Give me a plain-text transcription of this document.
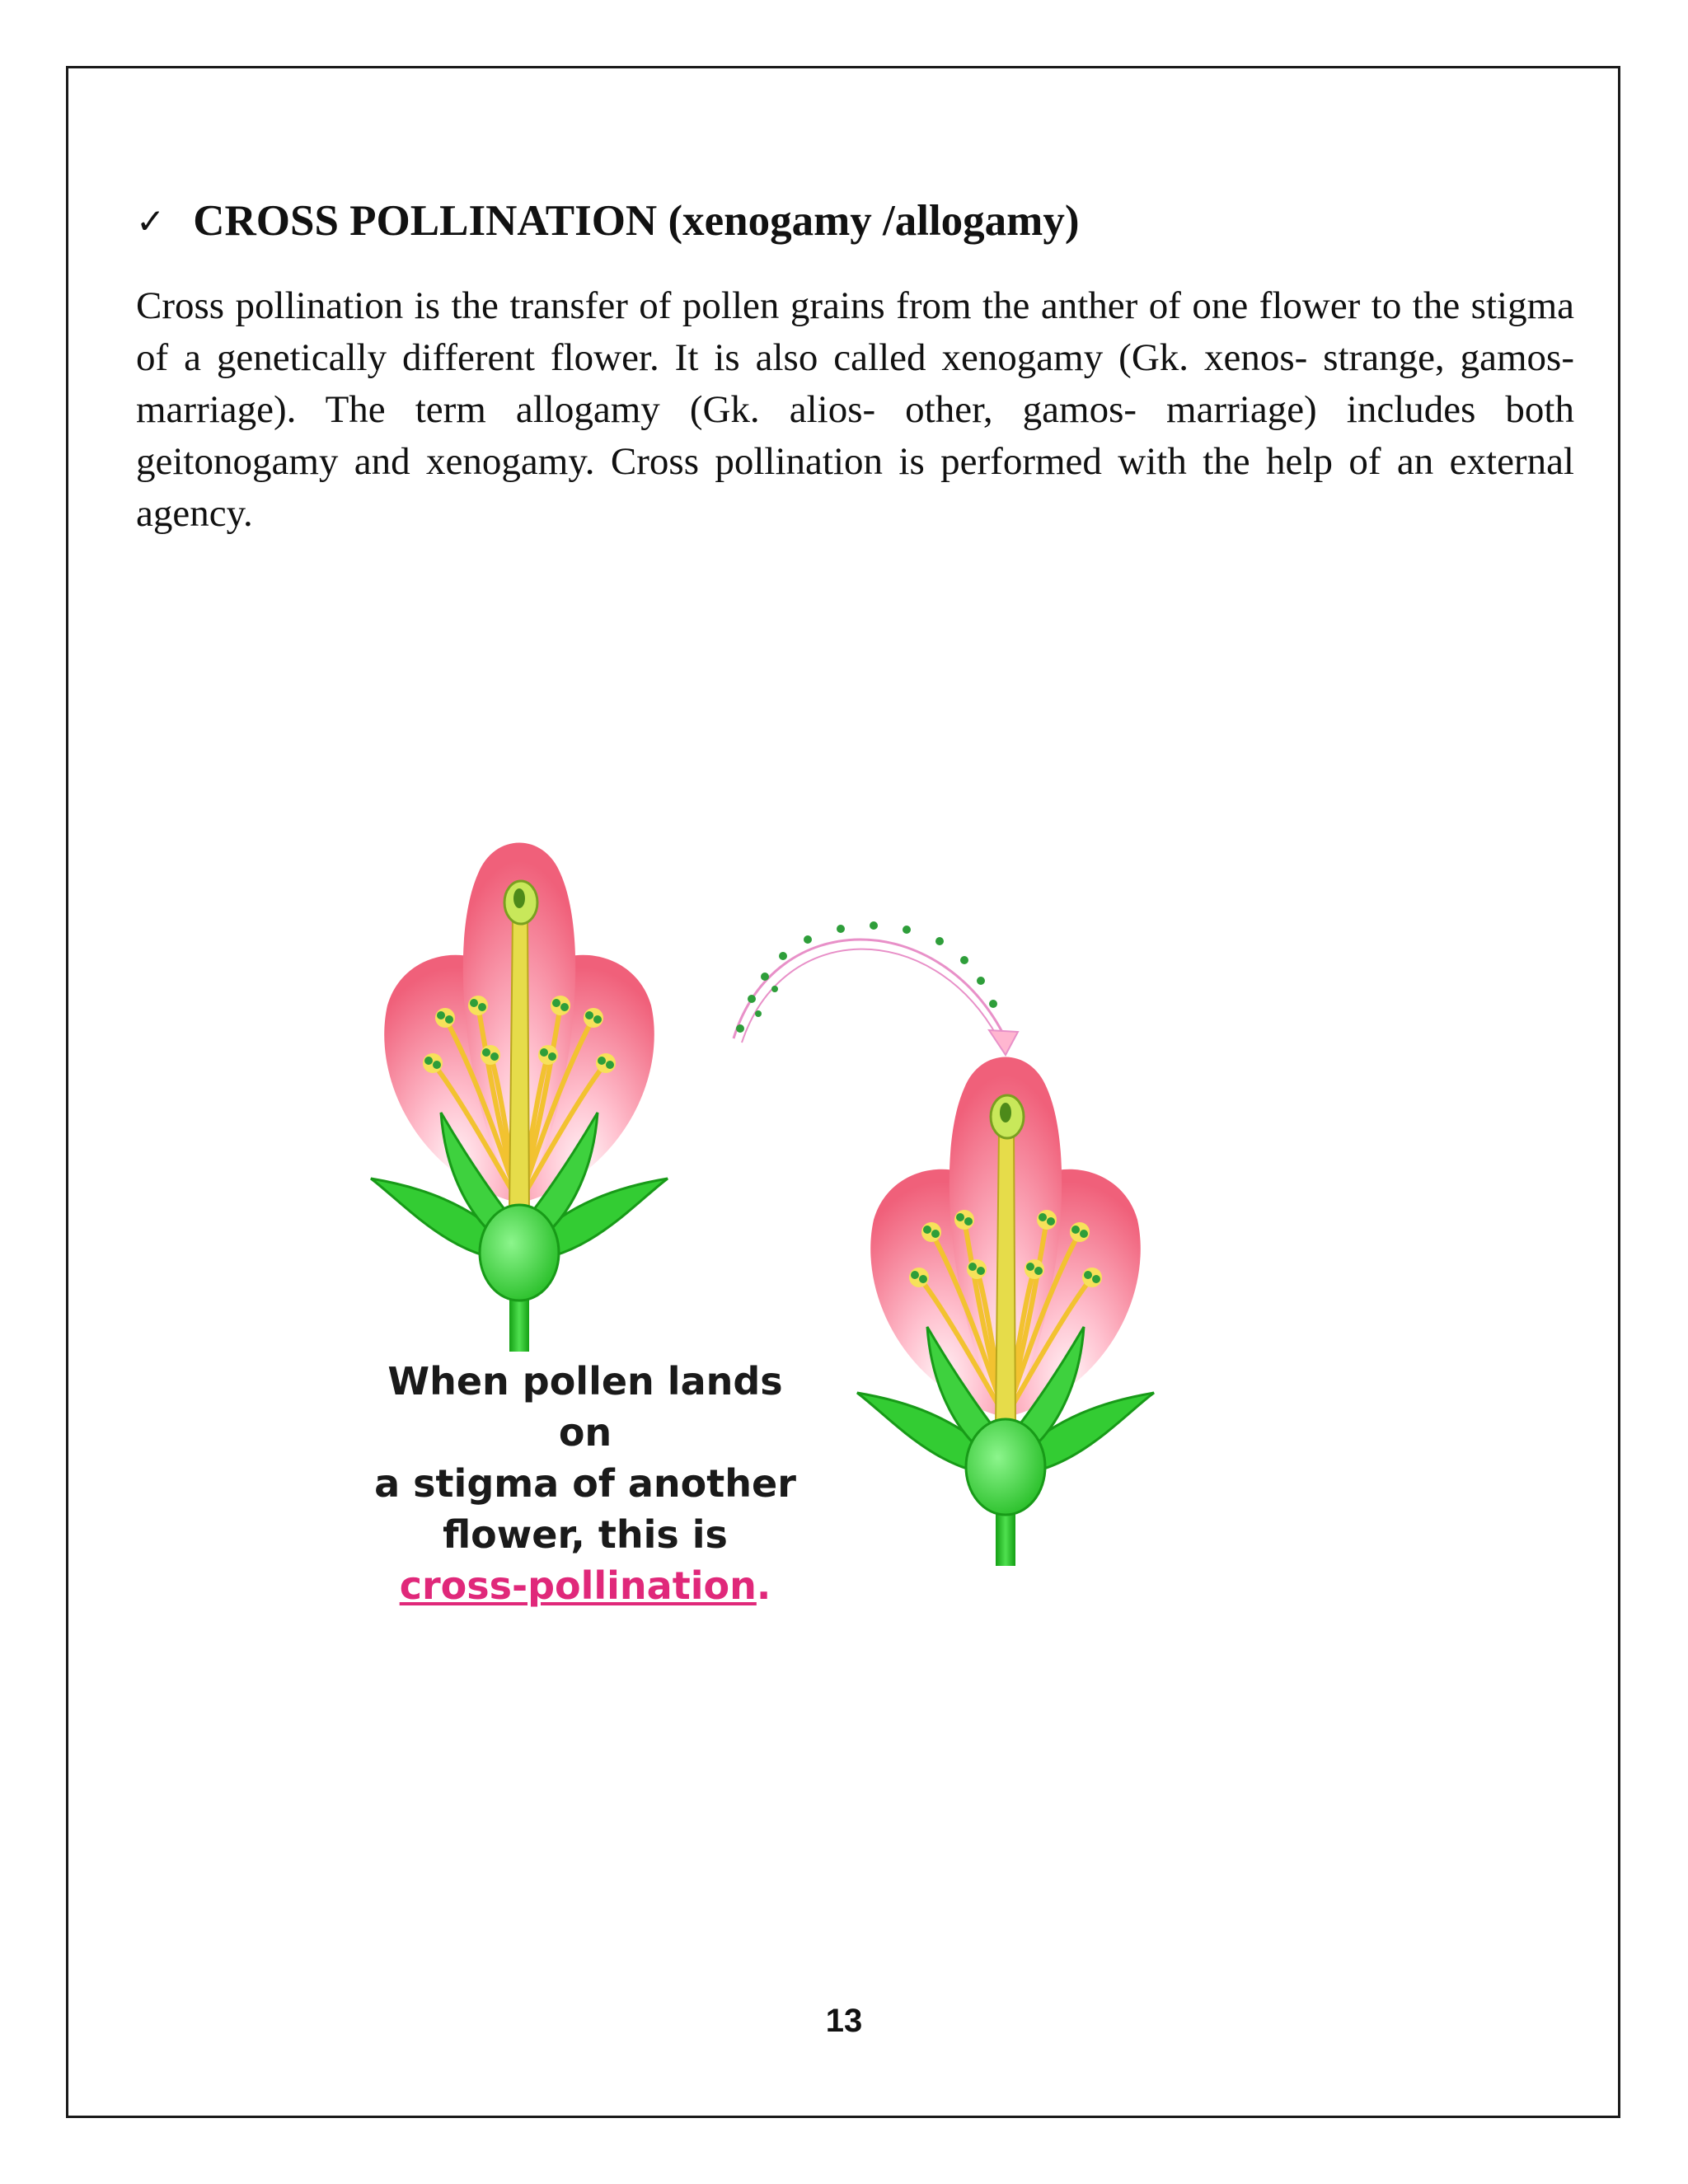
✓ CROSS POLLINATION (xenogamy /allogamy)
Cross pollination is the transfer of pollen grains from the anther of one flower to the stigma of a genetically different flower. It is also called xenogamy (Gk. xenos- strange, gamos- marriage). The term allogamy (Gk. alios- other, gamos- marriage) includes both geitonogamy and xenogamy. Cross pollination is performed with the help of an external agency.
When pollen lands on
a stigma of another
flower, this is
cross-pollination.
13
